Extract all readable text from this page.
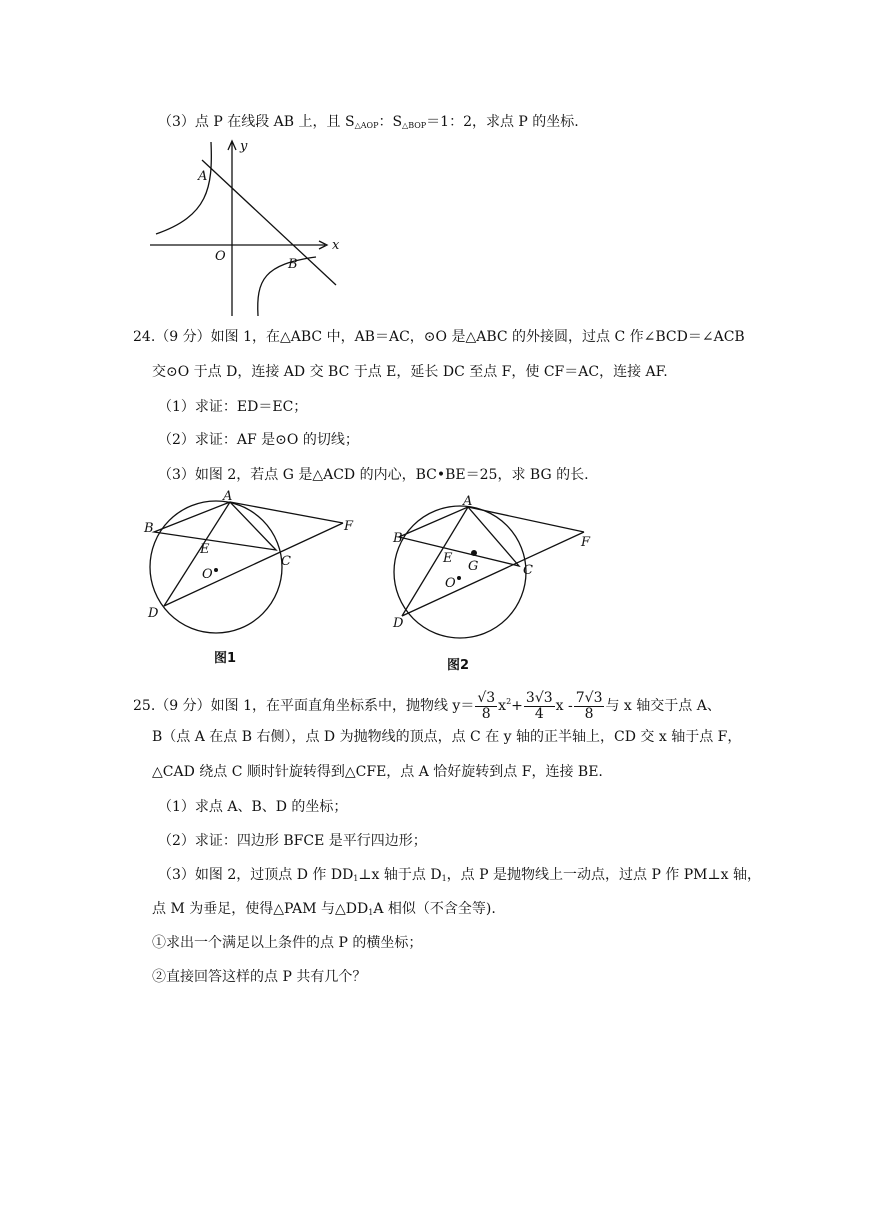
（3）点 P 在线段 AB 上，且 $S_{\triangle AOP}$：$S_{\triangle BOP}=1$：2，求点 P 的坐标.
y
x
A
O
B
24.（9 分）如图 1，在△ABC 中，AB＝AC，⊙O 是△ABC 的外接圆，过点 C 作∠BCD＝∠ACB
交⊙O 于点 D，连接 AD 交 BC 于点 E，延长 DC 至点 F，使 CF＝AC，连接 AF.
（1）求证：ED＝EC；
（2）求证：AF 是⊙O 的切线；
（3）如图 2，若点 G 是△ACD 的内心，BC•BE＝25，求 BG 的长.
A
B
C
D
E
F
O
图1
A
B
C
D
E
F
G
O
图2
25.（9 分）如图 1，在平面直角坐标系中，抛物线 $y= \frac{√3}{8} x^2+ \frac{3√3}{4}$ x - $\frac{7√3}{8}$ 与 x 轴交于点 A、
B（点 A 在点 B 右侧），点 D 为抛物线的顶点，点 C 在 y 轴的正半轴上，CD 交 x 轴于点 F，
△CAD 绕点 C 顺时针旋转得到△CFE，点 A 恰好旋转到点 F，连接 BE.
（1）求点 A、B、D 的坐标；
（2）求证：四边形 BFCE 是平行四边形；
（3）如图 2，过顶点 D 作 $DD_1\perp x$ 轴于点 $D_1$，点 P 是抛物线上一动点，过点 P 作 PM⊥x 轴，
点 M 为垂足，使得△PAM 与$\triangle DD_1A$ 相似（不含全等).
①求出一个满足以上条件的点 P 的横坐标；
②直接回答这样的点 P 共有几个？
